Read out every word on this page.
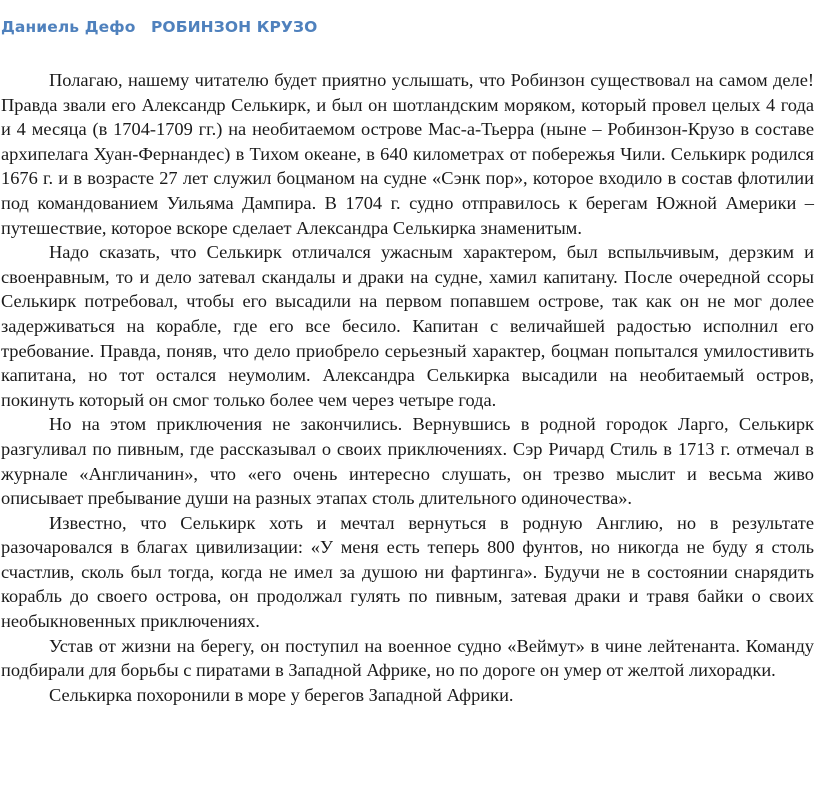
Даниель Дефо РОБИНЗОН КРУЗО

Полагаю, нашему читателю будет приятно услышать, что Робинзон существовал на самом деле! Правда звали его Александр Селькирк, и был он шотландским моряком, который провел целых 4 года и 4 месяца (в 1704-1709 гг.) на необитаемом острове Мас-а-Тьерра (ныне – Робинзон-Крузо в составе архипелага Хуан-Фернандес) в Тихом океане, в 640 километрах от побережья Чили. Селькирк родился 1676 г. и в возрасте 27 лет служил боцманом на судне «Сэнк пор», которое входило в состав флотилии под командованием Уильяма Дампира. В 1704 г. судно отправилось к берегам Южной Америки – путешествие, которое вскоре сделает Александра Селькирка знаменитым.

Надо сказать, что Селькирк отличался ужасным характером, был вспыльчивым, дерзким и своенравным, то и дело затевал скандалы и драки на судне, хамил капитану. После очередной ссоры Селькирк потребовал, чтобы его высадили на первом попавшем острове, так как он не мог долее задерживаться на корабле, где его все бесило. Капитан с величайшей радостью исполнил его требование. Правда, поняв, что дело приобрело серьезный характер, боцман попытался умилостивить капитана, но тот остался неумолим. Александра Селькирка высадили на необитаемый остров, покинуть который он смог только более чем через четыре года.

Но на этом приключения не закончились. Вернувшись в родной городок Ларго, Селькирк разгуливал по пивным, где рассказывал о своих приключениях. Сэр Ричард Стиль в 1713 г. отмечал в журнале «Англичанин», что «его очень интересно слушать, он трезво мыслит и весьма живо описывает пребывание души на разных этапах столь длительного одиночества».

Известно, что Селькирк хоть и мечтал вернуться в родную Англию, но в результате разочаровался в благах цивилизации: «У меня есть теперь 800 фунтов, но никогда не буду я столь счастлив, сколь был тогда, когда не имел за душою ни фартинга». Будучи не в состоянии снарядить корабль до своего острова, он продолжал гулять по пивным, затевая драки и травя байки о своих необыкновенных приключениях.

Устав от жизни на берегу, он поступил на военное судно «Веймут» в чине лейтенанта. Команду подбирали для борьбы с пиратами в Западной Африке, но по дороге он умер от желтой лихорадки.

Селькирка похоронили в море у берегов Западной Африки.
